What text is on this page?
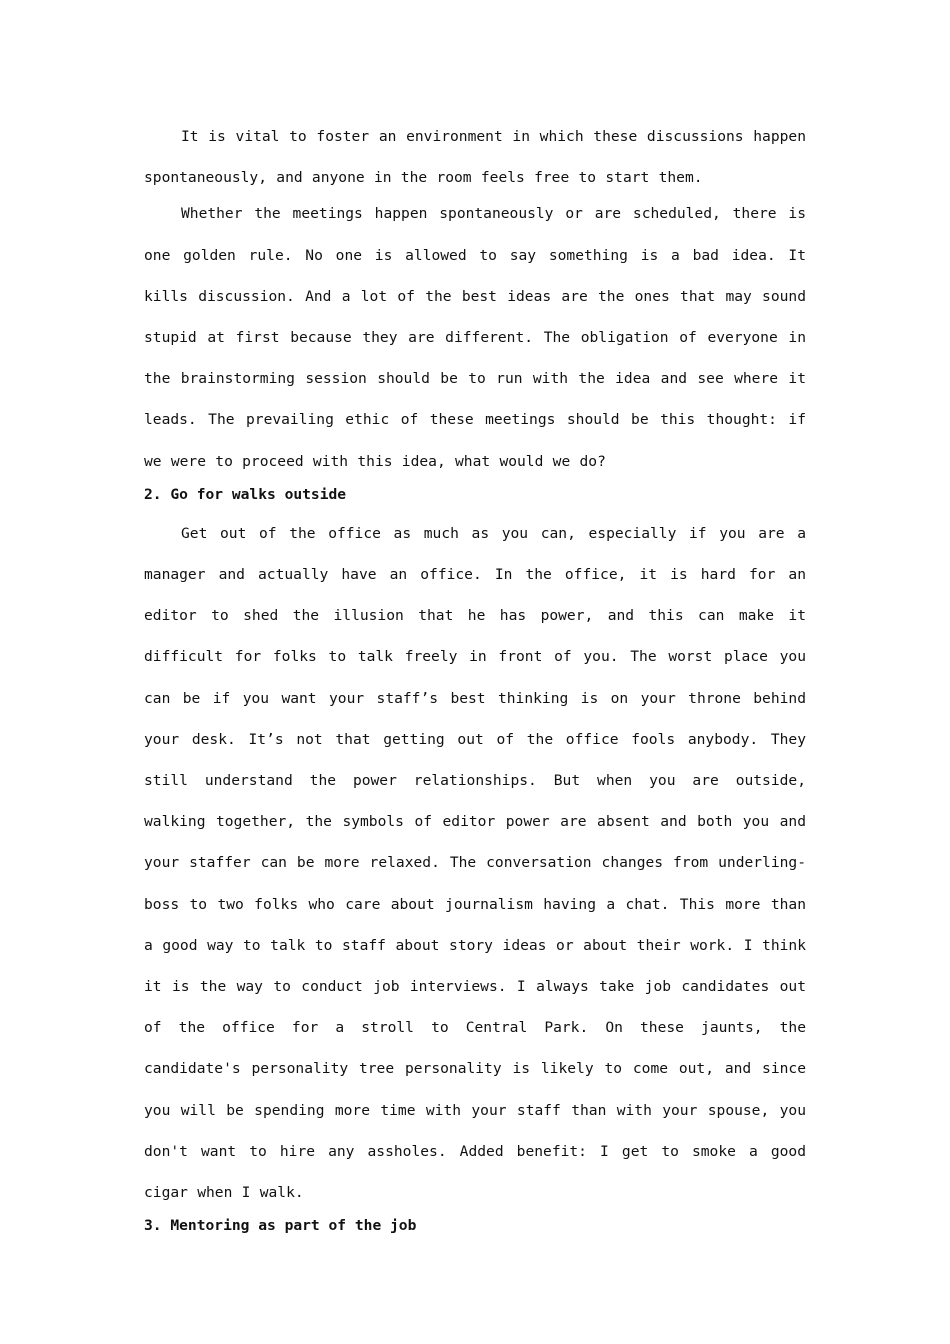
It is vital to foster an environment in which these discussions happen spontaneously, and anyone in the room feels free to start them.

Whether the meetings happen spontaneously or are scheduled, there is one golden rule. No one is allowed to say something is a bad idea. It kills discussion. And a lot of the best ideas are the ones that may sound stupid at first because they are different. The obligation of everyone in the brainstorming session should be to run with the idea and see where it leads. The prevailing ethic of these meetings should be this thought: if we were to proceed with this idea, what would we do?

2. Go for walks outside

Get out of the office as much as you can, especially if you are a manager and actually have an office. In the office, it is hard for an editor to shed the illusion that he has power, and this can make it difficult for folks to talk freely in front of you. The worst place you can be if you want your staff’s best thinking is on your throne behind your desk. It’s not that getting out of the office fools anybody. They still understand the power relationships. But when you are outside, walking together, the symbols of editor power are absent and both you and your staffer can be more relaxed. The conversation changes from underling-boss to two folks who care about journalism having a chat. This more than a good way to talk to staff about story ideas or about their work. I think it is the way to conduct job interviews. I always take job candidates out of the office for a stroll to Central Park. On these jaunts, the candidate's personality tree personality is likely to come out, and since you will be spending more time with your staff than with your spouse, you don't want to hire any assholes. Added benefit: I get to smoke a good cigar when I walk.

3. Mentoring as part of the job
